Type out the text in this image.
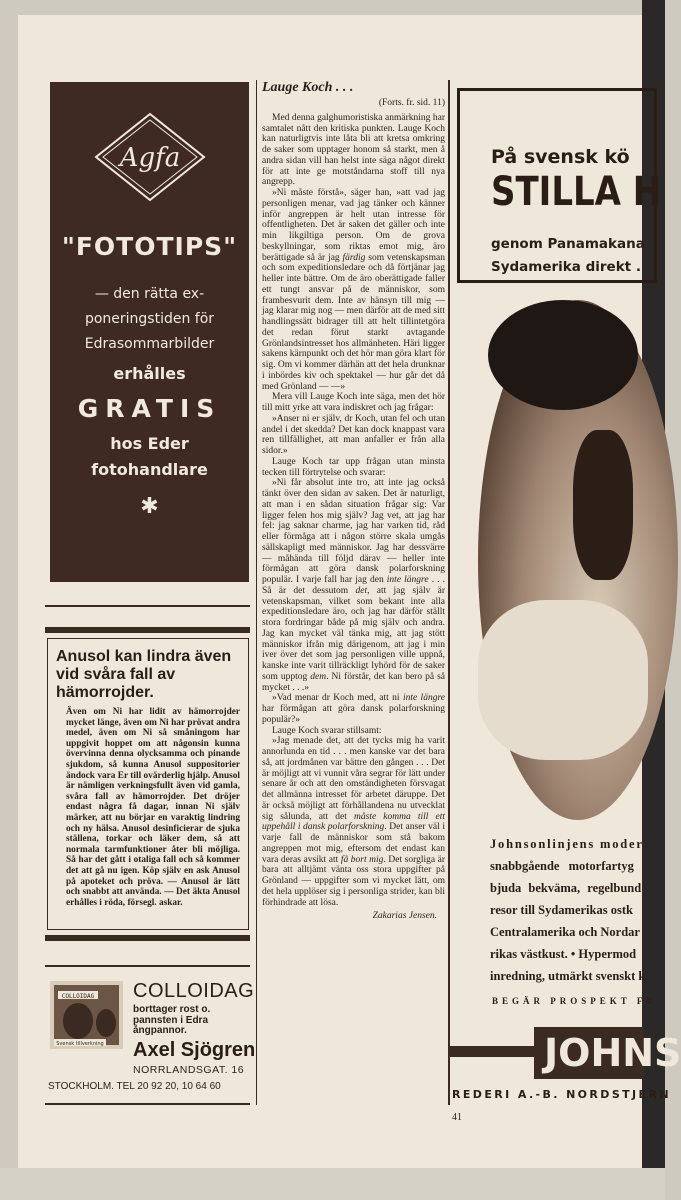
Agfa
"FOTOTIPS"
— den rätta ex-
poneringstiden för
Edrasommarbilder
erhålles
GRATIS
hos Eder
fotohandlare
✱
Anusol kan lindra även vid svåra fall av hämorrojder.

Även om Ni har lidit av hämorrojder mycket länge, även om Ni har prövat andra medel, även om Ni så småningom har uppgivit hoppet om att någonsin kunna övervinna denna olycksamma och pinande sjukdom, så kunna Anusol suppositorier ändock vara Er till ovärderlig hjälp. Anusol är nämligen verkningsfullt även vid gamla, svåra fall av hämorrojder. Det dröjer endast några få dagar, innan Ni själv märker, att nu börjar en varaktig lindring och ny hälsa. Anusol desinficierar de sjuka ställena, torkar och läker dem, så att normala tarmfunktioner åter bli möjliga. Så har det gått i otaliga fall och så kommer det att gå nu igen. Köp själv en ask Anusol på apoteket och pröva. — Anusol är lätt och snabbt att använda. — Det äkta Anusol erhålles i röda, försegl. askar.

COLLOIDAG
Svensk tillverkning
COLLOIDAG
borttager rost o. pannsten i Edra ångpannor.
Axel Sjögren
NORRLANDSGAT. 16
STOCKHOLM. TEL 20 92 20, 10 64 60
Lauge Koch . . .
(Forts. fr. sid. 11)

Med denna galghumoristiska anmärkning har samtalet nått den kritiska punkten. Lauge Koch kan naturligtvis inte låta bli att kretsa omkring de saker som upptager honom så starkt, men å andra sidan vill han helst inte säga något direkt för att inte ge motståndarna stoff till nya angrepp.

»Ni måste förstå», säger han, »att vad jag personligen menar, vad jag tänker och känner inför angreppen är helt utan intresse för offentligheten. Det är saken det gäller och inte min likgiltiga person. Om de grova beskyllningar, som riktas emot mig, äro berättigade så är jag färdig som vetenskapsman och som expeditionsledare och då förtjänar jag heller inte bättre. Om de äro oberättigade faller ett tungt ansvar på de människor, som frambesvurit dem. Inte av hänsyn till mig — jag klarar mig nog — men därför att de med sitt handlingssätt bidrager till att helt tillintetgöra det redan förut starkt avtagande Grönlandsintresset hos allmänheten. Häri ligger sakens kärnpunkt och det hör man göra klart för sig. Om vi kommer därhän att det hela drunknar i inbördes kiv och spektakel — hur går det då med Grönland — —»

Mera vill Lauge Koch inte säga, men det hör till mitt yrke att vara indiskret och jag frågar:

»Anser ni er själv, dr Koch, utan fel och utan andel i det skedda? Det kan dock knappast vara ren tillfällighet, att man anfaller er från alla sidor.»

Lauge Koch tar upp frågan utan minsta tecken till förtrytelse och svarar:

»Ni får absolut inte tro, att inte jag också tänkt över den sidan av saken. Det är naturligt, att man i en sådan situation frågar sig: Var ligger felen hos mig själv? Jag vet, att jag har fel: jag saknar charme, jag har varken tid, råd eller förmåga att i någon större skala umgås sällskapligt med människor. Jag har dessvärre — måhända till följd därav — heller inte förmågan att göra dansk polarforskning populär. I varje fall har jag den inte längre . . . Så är det dessutom det, att jag själv är vetenskapsman, vilket som bekant inte alla expeditionsledare äro, och jag har därför ställt stora fordringar både på mig själv och andra. Jag kan mycket väl tänka mig, att jag stött människor ifrån mig därigenom, att jag i min iver över det som jag personligen ville uppnå, kanske inte varit tillräckligt lyhörd för de saker som upptog dem. Ni förstår, det kan bero på så mycket . . .»

»Vad menar dr Koch med, att ni inte längre har förmågan att göra dansk polarforskning populär?»

Lauge Koch svarar stillsamt:

»Jag menade det, att det tycks mig ha varit annorlunda en tid . . . men kanske var det bara så, att jordmånen var bättre den gången . . . Det är möjligt att vi vunnit våra segrar för lätt under senare år och att den omständigheten försvagat det allmänna intresset för arbetet däruppe. Det är också möjligt att förhållandena nu utvecklat sig sålunda, att det måste komma till ett uppehåll i dansk polarforskning. Det anser väl i varje fall de människor som stå bakom angreppen mot mig, eftersom det endast kan vara deras avsikt att få bort mig. Det sorgliga är bara att alltjämt vänta oss stora uppgifter på Grönland — uppgifter som vi mycket lätt, om det hela upplöser sig i personliga strider, kan bli förhindrade att lösa.

Zakarias Jensen.
På svensk kö
STILLA H
genom Panamakana
Sydamerika direkt .
Johnsonlinjens moder
snabbgående motorfartyg
bjuda bekväma, regelbund
resor till Sydamerikas ostk
Centralamerika och Nordar
rikas västkust. • Hypermod
inredning, utmärkt svenskt k
BEGÄR PROSPEKT FR
JOHNS
REDERI A.-B. NORDSTJERN
41
